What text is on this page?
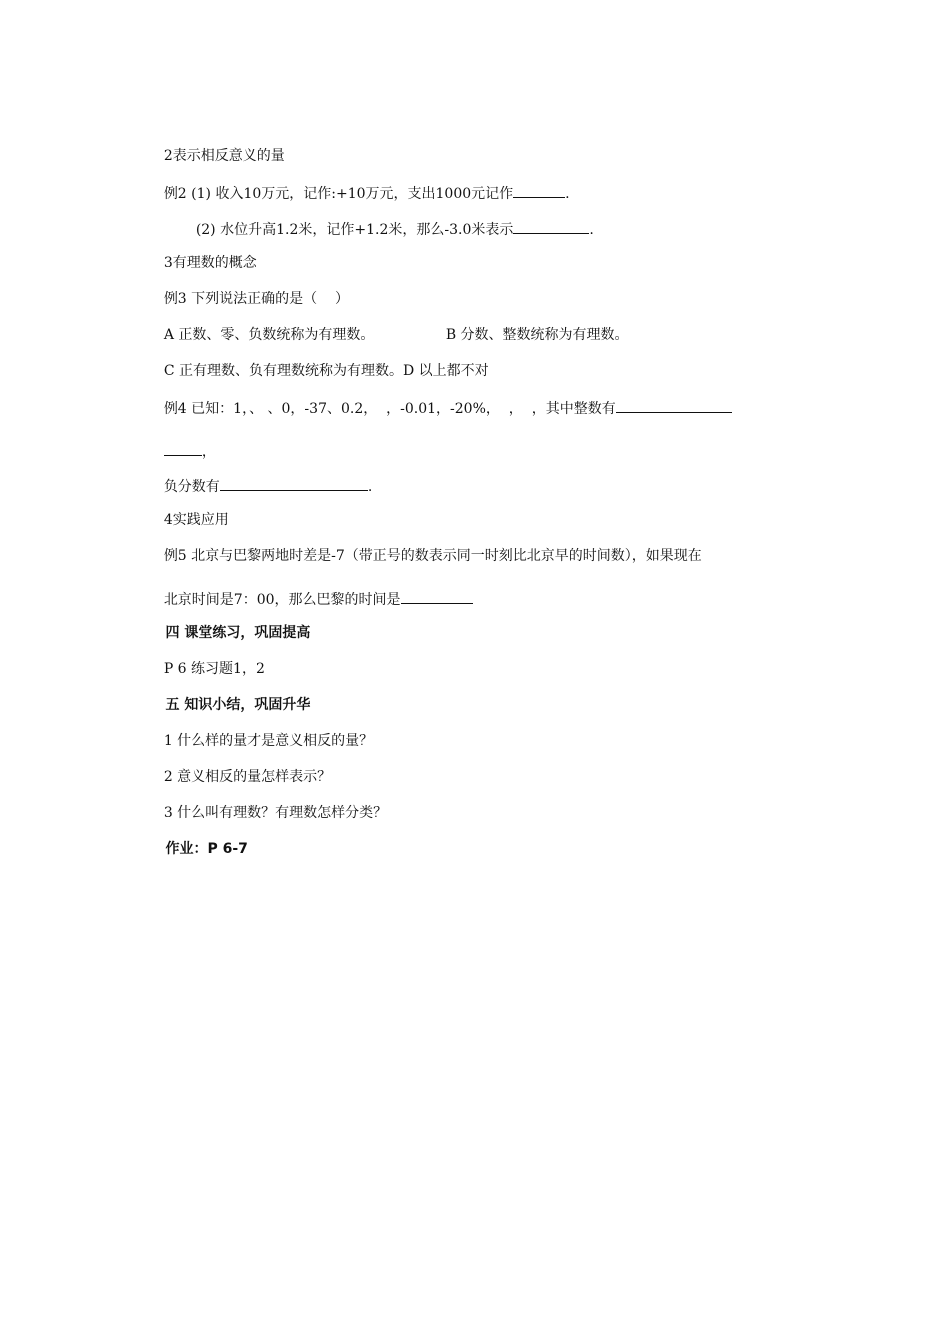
2表示相反意义的量

例2 (1) 收入10万元，记作:+10万元，支出1000元记作	.

(2) 水位升高1.2米，记作+1.2米，那么-3.0米表示	.

3有理数的概念

例3 下列说法正确的是（    ）

A 正数、零、负数统称为有理数。
	B 分数、整数统称为有理数。

C 正有理数、负有理数统称为有理数。D 以上都不对

例4 已知：1，、 、0，-37、0.2，  ，-0.01，-20%，  ，  ，其中整数有

，

负分数有	.

4实践应用

例5 北京与巴黎两地时差是-7（带正号的数表示同一时刻比北京早的时间数），如果现在

北京时间是7：00，那么巴黎的时间是

四 课堂练习，巩固提高

P 6 练习题1，2

五 知识小结，巩固升华

1 什么样的量才是意义相反的量？

2 意义相反的量怎样表示？

3 什么叫有理数？有理数怎样分类？

作业：P 6-7
